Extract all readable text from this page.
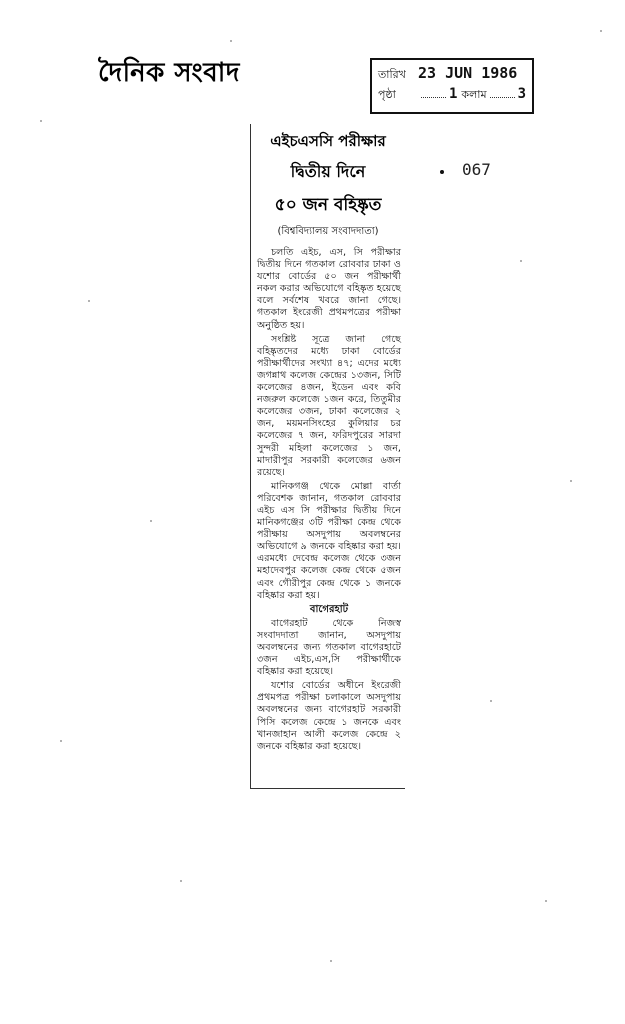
দৈনিক সংবাদ	তারিখ 23 JUN 1986
পৃষ্ঠা	1 কলাম 3
067
এইচএসসি পরীক্ষার
দ্বিতীয় দিনে
৫০ জন বহিষ্কৃত
(বিশ্ববিদ্যালয় সংবাদদাতা)

চলতি এইচ, এস, সি পরীক্ষার দ্বিতীয় দিনে গতকাল রোববার ঢাকা ও যশোর বোর্ডের ৫০ জন পরীক্ষার্থী নকল করার অভিযোগে বহিষ্কৃত হয়েছে বলে সর্বশেষ খবরে জানা গেছে। গতকাল ইংরেজী প্রথমপত্রের পরীক্ষা অনুষ্ঠিত হয়।

সংশ্লিষ্ট সূত্রে জানা গেছে বহিষ্কৃতদের মধ্যে ঢাকা বোর্ডের পরীক্ষার্থীদের সংখ্যা ৪৭; এদের মধ্যে জগন্নাথ কলেজ কেন্দ্রের ১৩জন, সিটি কলেজের ৪জন, ইডেন এবং কবি নজরুল কলেজে ১জন করে, তিতুমীর কলেজের ৩জন, ঢাকা কলেজের ২ জন, ময়মনসিংহের কুলিয়ার চর কলেজের ৭ জন, ফরিদপুরের সারদা সুন্দরী মহিলা কলেজের ১ জন, মাদারীপুর সরকারী কলেজের ৬জন রয়েছে।

মানিকগঞ্জ থেকে মোল্লা বার্তা পরিবেশক জানান, গতকাল রোববার এইচ এস সি পরীক্ষার দ্বিতীয় দিনে মানিকগঞ্জের ৩টি পরীক্ষা কেন্দ্র থেকে পরীক্ষায় অসদুপায় অবলম্বনের অভিযোগে ৯ জনকে বহিষ্কার করা হয়। এরমধ্যে দেবেন্দ্র কলেজ থেকে ৩জন মহাদেবপুর কলেজ কেন্দ্র থেকে ৫জন এবং গৌরীপুর কেন্দ্র থেকে ১ জনকে বহিষ্কার করা হয়।

বাগেরহাট

বাগেরহাট থেকে নিজস্ব সংবাদদাতা জানান, অসদুপায় অবলম্বনের জন্য গতকাল বাগেরহাটে ৩জন এইচ,এস,সি পরীক্ষার্থীকে বহিষ্কার করা হয়েছে।

যশোর বোর্ডের অধীনে ইংরেজী প্রথমপত্র পরীক্ষা চলাকালে অসদুপায় অবলম্বনের জন্য বাগেরহাট সরকারী পিসি কলেজ কেন্দ্রে ১ জনকে এবং খানজাহান আলী কলেজ কেন্দ্রে ২ জনকে বহিষ্কার করা হয়েছে।
